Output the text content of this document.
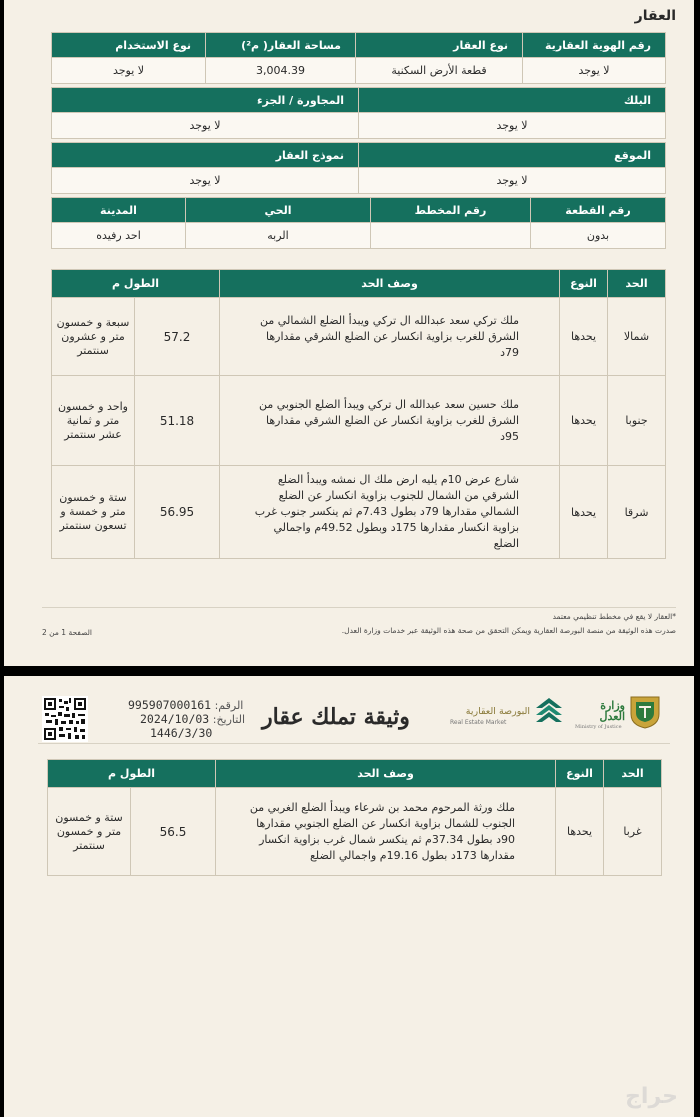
العقار
رقم الهوية العقارية	نوع العقار	مساحة العقار( م²)	نوع الاستخدام
لا يوجد	قطعة الأرض السكنية	3,004.39	لا يوجد
البلك	المجاورة / الجزء
لا يوجد	لا يوجد
الموقع	نموذج العقار
لا يوجد	لا يوجد
رقم القطعة	رقم المخطط	الحي	المدينة
بدون		الربه	احد رفيده
الحد	النوع	وصف الحد	الطول م	
شمالا	يحدها	ملك تركي سعد عبدالله ال تركي ويبدأ الضلع الشمالي من الشرق للغرب بزاوية انكسار عن الضلع الشرقي مقدارها 79د	57.2	سبعة و خمسون متر و عشرون سنتمتر
جنوبا	يحدها	ملك حسين سعد عبدالله ال تركي ويبدأ الضلع الجنوبي من الشرق للغرب بزاوية انكسار عن الضلع الشرقي مقدارها 95د	51.18	واحد و خمسون متر و ثمانية عشر سنتمتر
شرقا	يحدها	شارع عرض 10م يليه ارض ملك ال نمشه ويبدأ الضلع الشرقي من الشمال للجنوب بزاوية انكسار عن الضلع الشمالي مقدارها 79د بطول 7.43م ثم ينكسر جنوب غرب بزاوية انكسار مقدارها 175د وبطول 49.52م واجمالي الضلع	56.95	ستة و خمسون متر و خمسة و تسعون سنتمتر
*العقار لا يقع في مخطط تنظيمي معتمد
صدرت هذه الوثيقة من منصة البورصة العقارية ويمكن التحقق من صحة هذه الوثيقة عبر خدمات وزارة العدل.
الصفحة 1 من 2
الرقم: 995907000161
التاريخ: 2024/10/03
1446/3/30
وثيقة تملك عقار	البورصة العقارية
Real Estate Market
وزارة العدل
Ministry of Justice
الحد	النوع	وصف الحد	الطول م	
غربا	يحدها	ملك ورثة المرحوم محمد بن شرعاء ويبدأ الضلع الغربي من الجنوب للشمال بزاوية انكسار عن الضلع الجنوبي مقدارها 90د بطول 37.34م ثم ينكسر شمال غرب بزاوية انكسار مقدارها 173د بطول 19.16م واجمالي الضلع	56.5	ستة و خمسون متر و خمسون سنتمتر
حراج
